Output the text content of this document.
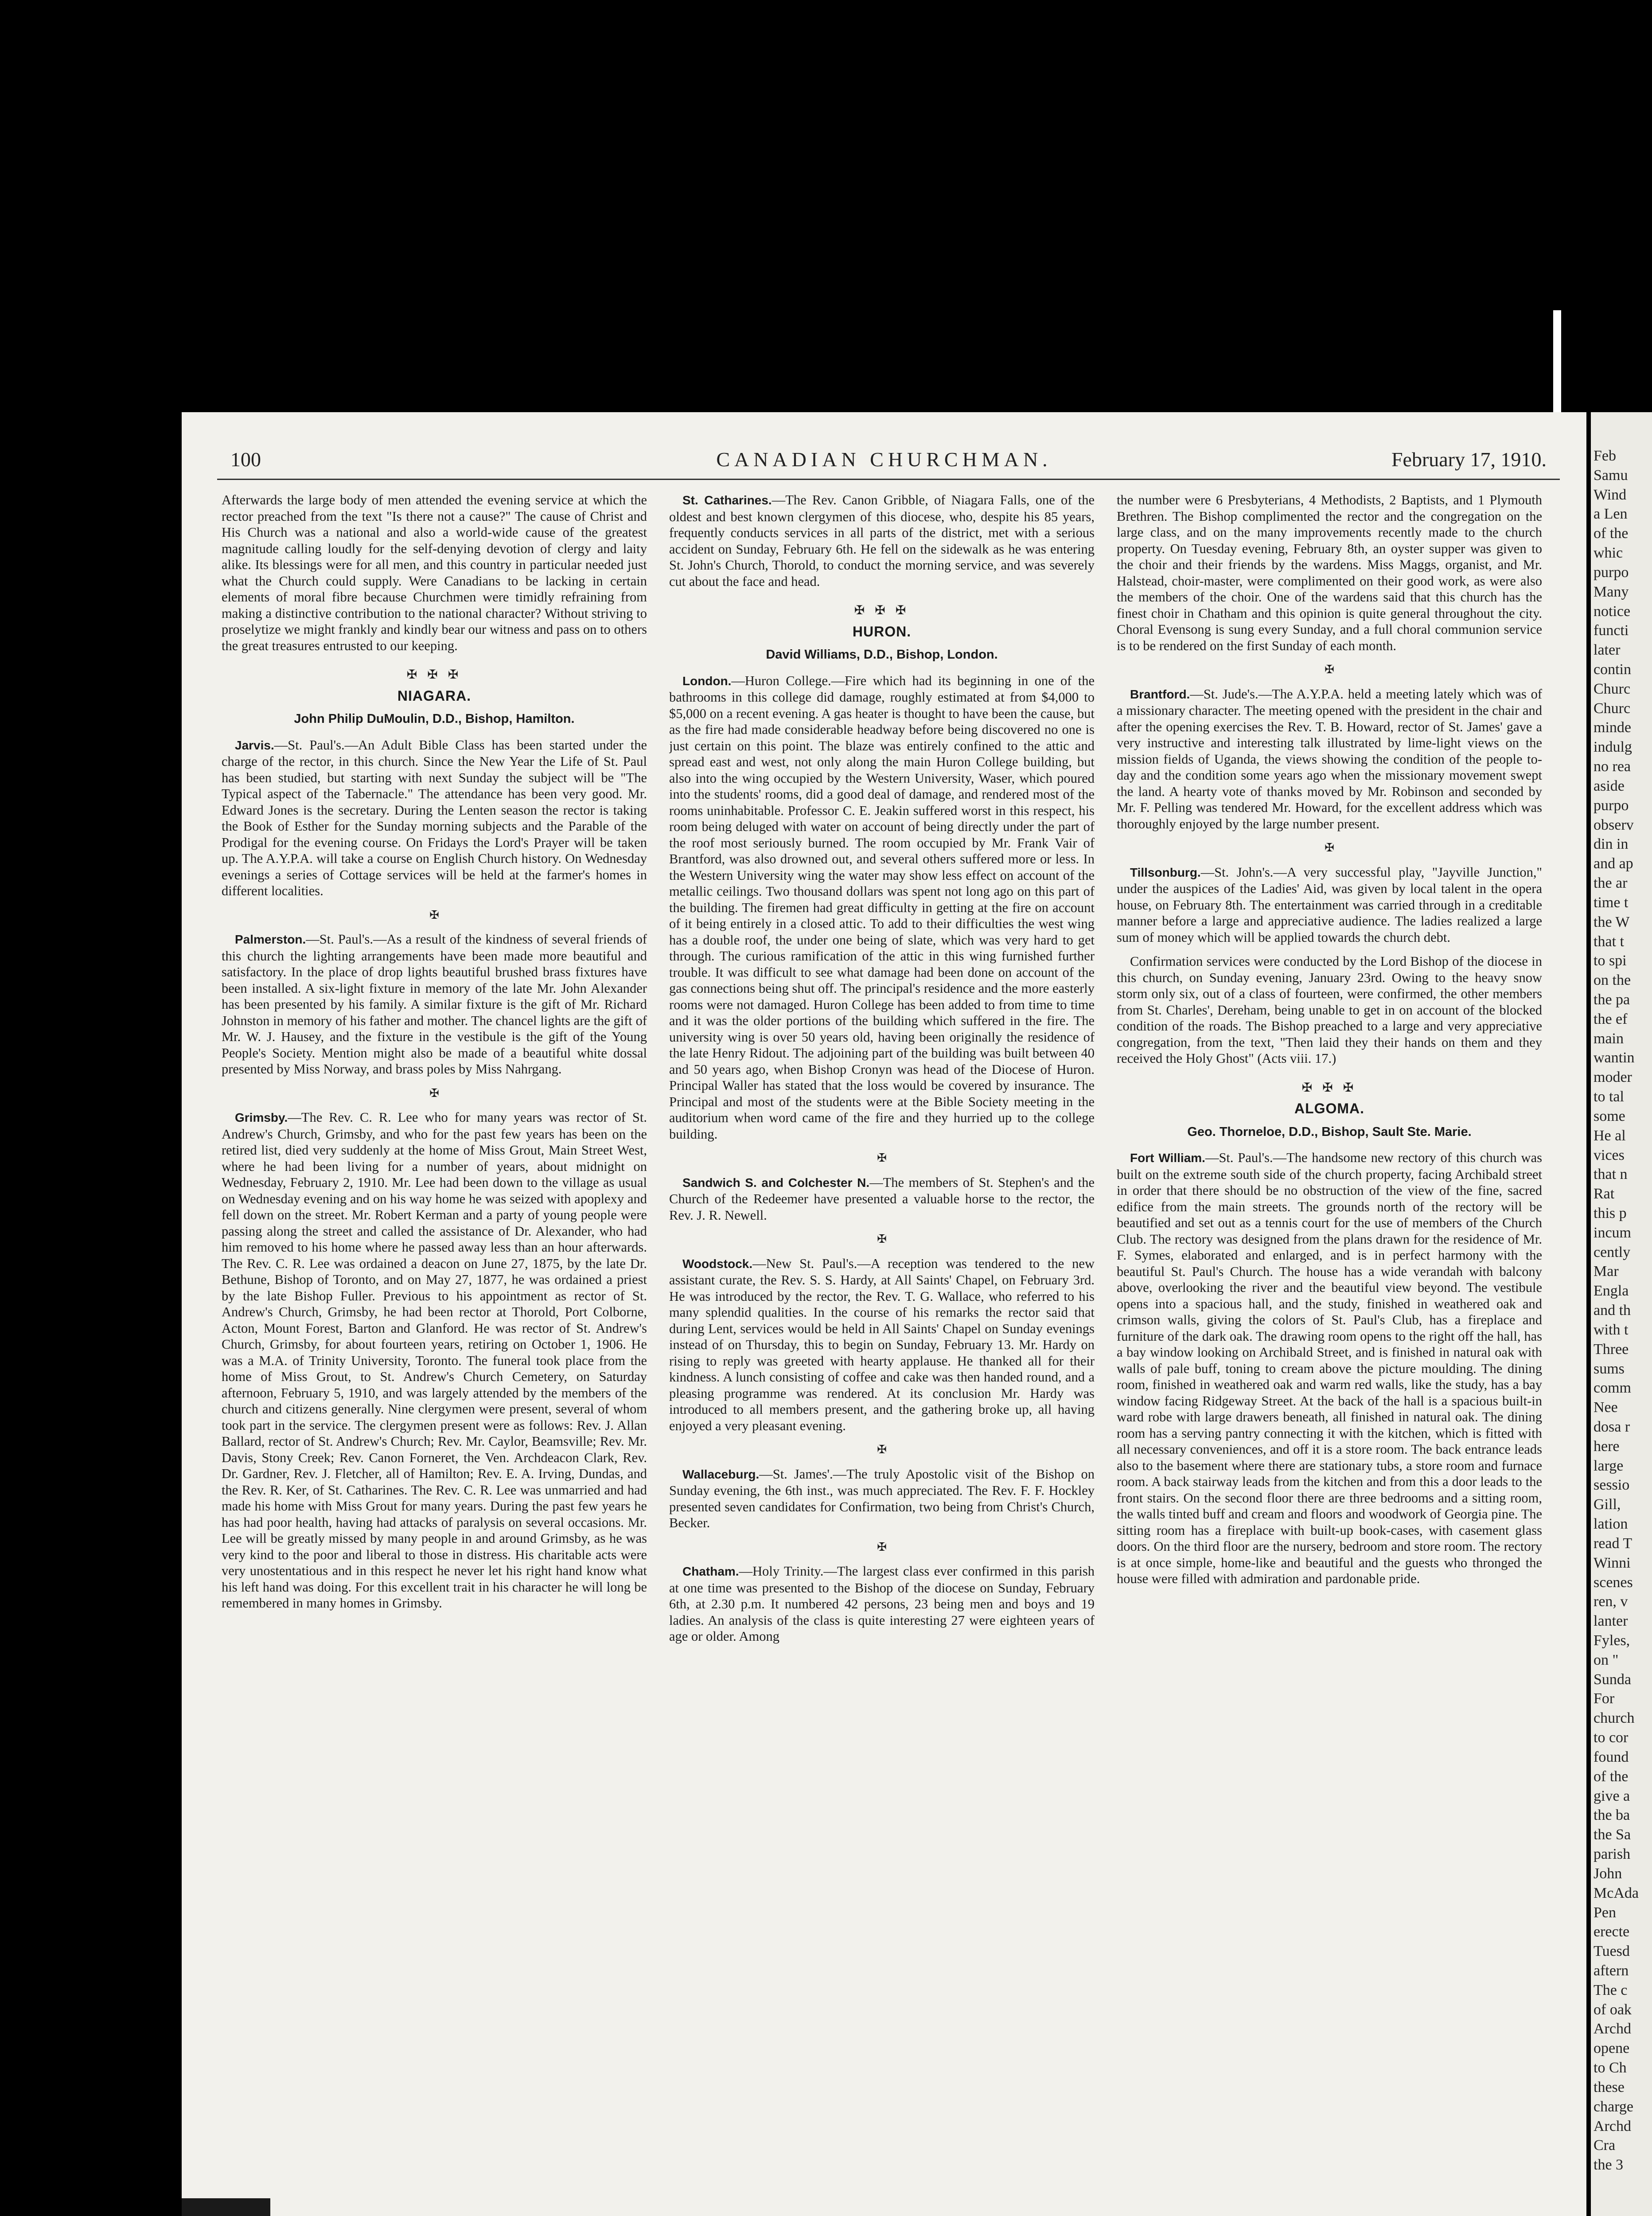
100	CANADIAN CHURCHMAN.	February 17, 1910.

Afterwards the large body of men attended the evening service at which the rector preached from the text "Is there not a cause?" The cause of Christ and His Church was a national and also a world-wide cause of the greatest magnitude calling loudly for the self-denying devotion of clergy and laity alike. Its blessings were for all men, and this country in particular needed just what the Church could supply. Were Canadians to be lacking in certain elements of moral fibre because Churchmen were timidly refraining from making a distinctive contribution to the national character? Without striving to proselytize we might frankly and kindly bear our witness and pass on to others the great treasures entrusted to our keeping.

✠ ✠ ✠
NIAGARA.
John Philip DuMoulin, D.D., Bishop, Hamilton.

Jarvis.—St. Paul's.—An Adult Bible Class has been started under the charge of the rector, in this church. Since the New Year the Life of St. Paul has been studied, but starting with next Sunday the subject will be "The Typical aspect of the Tabernacle." The attendance has been very good. Mr. Edward Jones is the secretary. During the Lenten season the rector is taking the Book of Esther for the Sunday morning subjects and the Parable of the Prodigal for the evening course. On Fridays the Lord's Prayer will be taken up. The A.Y.P.A. will take a course on English Church history. On Wednesday evenings a series of Cottage services will be held at the farmer's homes in different localities.

✠

Palmerston.—St. Paul's.—As a result of the kindness of several friends of this church the lighting arrangements have been made more beautiful and satisfactory. In the place of drop lights beautiful brushed brass fixtures have been installed. A six-light fixture in memory of the late Mr. John Alexander has been presented by his family. A similar fixture is the gift of Mr. Richard Johnston in memory of his father and mother. The chancel lights are the gift of Mr. W. J. Hausey, and the fixture in the vestibule is the gift of the Young People's Society. Mention might also be made of a beautiful white dossal presented by Miss Norway, and brass poles by Miss Nahrgang.

✠

Grimsby.—The Rev. C. R. Lee who for many years was rector of St. Andrew's Church, Grimsby, and who for the past few years has been on the retired list, died very suddenly at the home of Miss Grout, Main Street West, where he had been living for a number of years, about midnight on Wednesday, February 2, 1910. Mr. Lee had been down to the village as usual on Wednesday evening and on his way home he was seized with apoplexy and fell down on the street. Mr. Robert Kerman and a party of young people were passing along the street and called the assistance of Dr. Alexander, who had him removed to his home where he passed away less than an hour afterwards. The Rev. C. R. Lee was ordained a deacon on June 27, 1875, by the late Dr. Bethune, Bishop of Toronto, and on May 27, 1877, he was ordained a priest by the late Bishop Fuller. Previous to his appointment as rector of St. Andrew's Church, Grimsby, he had been rector at Thorold, Port Colborne, Acton, Mount Forest, Barton and Glanford. He was rector of St. Andrew's Church, Grimsby, for about fourteen years, retiring on October 1, 1906. He was a M.A. of Trinity University, Toronto. The funeral took place from the home of Miss Grout, to St. Andrew's Church Cemetery, on Saturday afternoon, February 5, 1910, and was largely attended by the members of the church and citizens generally. Nine clergymen were present, several of whom took part in the service. The clergymen present were as follows: Rev. J. Allan Ballard, rector of St. Andrew's Church; Rev. Mr. Caylor, Beamsville; Rev. Mr. Davis, Stony Creek; Rev. Canon Forneret, the Ven. Archdeacon Clark, Rev. Dr. Gardner, Rev. J. Fletcher, all of Hamilton; Rev. E. A. Irving, Dundas, and the Rev. R. Ker, of St. Catharines. The Rev. C. R. Lee was unmarried and had made his home with Miss Grout for many years. During the past few years he has had poor health, having had attacks of paralysis on several occasions. Mr. Lee will be greatly missed by many people in and around Grimsby, as he was very kind to the poor and liberal to those in distress. His charitable acts were very unostentatious and in this respect he never let his right hand know what his left hand was doing. For this excellent trait in his character he will long be remembered in many homes in Grimsby.

St. Catharines.—The Rev. Canon Gribble, of Niagara Falls, one of the oldest and best known clergymen of this diocese, who, despite his 85 years, frequently conducts services in all parts of the district, met with a serious accident on Sunday, February 6th. He fell on the sidewalk as he was entering St. John's Church, Thorold, to conduct the morning service, and was severely cut about the face and head.

✠ ✠ ✠
HURON.
David Williams, D.D., Bishop, London.

London.—Huron College.—Fire which had its beginning in one of the bathrooms in this college did damage, roughly estimated at from $4,000 to $5,000 on a recent evening. A gas heater is thought to have been the cause, but as the fire had made considerable headway before being discovered no one is just certain on this point. The blaze was entirely confined to the attic and spread east and west, not only along the main Huron College building, but also into the wing occupied by the Western University, Waser, which poured into the students' rooms, did a good deal of damage, and rendered most of the rooms uninhabitable. Professor C. E. Jeakin suffered worst in this respect, his room being deluged with water on account of being directly under the part of the roof most seriously burned. The room occupied by Mr. Frank Vair of Brantford, was also drowned out, and several others suffered more or less. In the Western University wing the water may show less effect on account of the metallic ceilings. Two thousand dollars was spent not long ago on this part of the building. The firemen had great difficulty in getting at the fire on account of it being entirely in a closed attic. To add to their difficulties the west wing has a double roof, the under one being of slate, which was very hard to get through. The curious ramification of the attic in this wing furnished further trouble. It was difficult to see what damage had been done on account of the gas connections being shut off. The principal's residence and the more easterly rooms were not damaged. Huron College has been added to from time to time and it was the older portions of the building which suffered in the fire. The university wing is over 50 years old, having been originally the residence of the late Henry Ridout. The adjoining part of the building was built between 40 and 50 years ago, when Bishop Cronyn was head of the Diocese of Huron. Principal Waller has stated that the loss would be covered by insurance. The Principal and most of the students were at the Bible Society meeting in the auditorium when word came of the fire and they hurried up to the college building.

✠

Sandwich S. and Colchester N.—The members of St. Stephen's and the Church of the Redeemer have presented a valuable horse to the rector, the Rev. J. R. Newell.

✠

Woodstock.—New St. Paul's.—A reception was tendered to the new assistant curate, the Rev. S. S. Hardy, at All Saints' Chapel, on February 3rd. He was introduced by the rector, the Rev. T. G. Wallace, who referred to his many splendid qualities. In the course of his remarks the rector said that during Lent, services would be held in All Saints' Chapel on Sunday evenings instead of on Thursday, this to begin on Sunday, February 13. Mr. Hardy on rising to reply was greeted with hearty applause. He thanked all for their kindness. A lunch consisting of coffee and cake was then handed round, and a pleasing programme was rendered. At its conclusion Mr. Hardy was introduced to all members present, and the gathering broke up, all having enjoyed a very pleasant evening.

✠

Wallaceburg.—St. James'.—The truly Apostolic visit of the Bishop on Sunday evening, the 6th inst., was much appreciated. The Rev. F. F. Hockley presented seven candidates for Confirmation, two being from Christ's Church, Becker.

✠

Chatham.—Holy Trinity.—The largest class ever confirmed in this parish at one time was presented to the Bishop of the diocese on Sunday, February 6th, at 2.30 p.m. It numbered 42 persons, 23 being men and boys and 19 ladies. An analysis of the class is quite interesting 27 were eighteen years of age or older. Among

the number were 6 Presbyterians, 4 Methodists, 2 Baptists, and 1 Plymouth Brethren. The Bishop complimented the rector and the congregation on the large class, and on the many improvements recently made to the church property. On Tuesday evening, February 8th, an oyster supper was given to the choir and their friends by the wardens. Miss Maggs, organist, and Mr. Halstead, choir-master, were complimented on their good work, as were also the members of the choir. One of the wardens said that this church has the finest choir in Chatham and this opinion is quite general throughout the city. Choral Evensong is sung every Sunday, and a full choral communion service is to be rendered on the first Sunday of each month.

✠

Brantford.—St. Jude's.—The A.Y.P.A. held a meeting lately which was of a missionary character. The meeting opened with the president in the chair and after the opening exercises the Rev. T. B. Howard, rector of St. James' gave a very instructive and interesting talk illustrated by lime-light views on the mission fields of Uganda, the views showing the condition of the people to-day and the condition some years ago when the missionary movement swept the land. A hearty vote of thanks moved by Mr. Robinson and seconded by Mr. F. Pelling was tendered Mr. Howard, for the excellent address which was thoroughly enjoyed by the large number present.

✠

Tillsonburg.—St. John's.—A very successful play, "Jayville Junction," under the auspices of the Ladies' Aid, was given by local talent in the opera house, on February 8th. The entertainment was carried through in a creditable manner before a large and appreciative audience. The ladies realized a large sum of money which will be applied towards the church debt.

Confirmation services were conducted by the Lord Bishop of the diocese in this church, on Sunday evening, January 23rd. Owing to the heavy snow storm only six, out of a class of fourteen, were confirmed, the other members from St. Charles', Dereham, being unable to get in on account of the blocked condition of the roads. The Bishop preached to a large and very appreciative congregation, from the text, "Then laid they their hands on them and they received the Holy Ghost" (Acts viii. 17.)

✠ ✠ ✠
ALGOMA.
Geo. Thorneloe, D.D., Bishop, Sault Ste. Marie.

Fort William.—St. Paul's.—The handsome new rectory of this church was built on the extreme south side of the church property, facing Archibald street in order that there should be no obstruction of the view of the fine, sacred edifice from the main streets. The grounds north of the rectory will be beautified and set out as a tennis court for the use of members of the Church Club. The rectory was designed from the plans drawn for the residence of Mr. F. Symes, elaborated and enlarged, and is in perfect harmony with the beautiful St. Paul's Church. The house has a wide verandah with balcony above, overlooking the river and the beautiful view beyond. The vestibule opens into a spacious hall, and the study, finished in weathered oak and crimson walls, giving the colors of St. Paul's Club, has a fireplace and furniture of the dark oak. The drawing room opens to the right off the hall, has a bay window looking on Archibald Street, and is finished in natural oak with walls of pale buff, toning to cream above the picture moulding. The dining room, finished in weathered oak and warm red walls, like the study, has a bay window facing Ridgeway Street. At the back of the hall is a spacious built-in ward robe with large drawers beneath, all finished in natural oak. The dining room has a serving pantry connecting it with the kitchen, which is fitted with all necessary conveniences, and off it is a store room. The back entrance leads also to the basement where there are stationary tubs, a store room and furnace room. A back stairway leads from the kitchen and from this a door leads to the front stairs. On the second floor there are three bedrooms and a sitting room, the walls tinted buff and cream and floors and woodwork of Georgia pine. The sitting room has a fireplace with built-up book-cases, with casement glass doors. On the third floor are the nursery, bedroom and store room. The rectory is at once simple, home-like and beautiful and the guests who thronged the house were filled with admiration and pardonable pride.

Feb
Samu
Wind
a Len
of the
whic
purpo
Many
notice
functi
later
contin
Churc
Churc
minde
indulg
no rea
aside
purpo
observ
din in
and ap
the ar
time t
the W
that t
to spi
on the
the pa
the ef
main
wantin
moder
to tal
some
He al
vices
that n
Rat
this p
incum
cently
Mar
Engla
and th
with t
Three
sums
comm
Nee
dosa r
here
large
sessio
Gill,
lation
read T
Winni
scenes
ren, v
lanter
Fyles,
on "
Sunda
For
church
to cor
found
of the
give a
the ba
the Sa
parish
John
McAda
Pen
erecte
Tuesd
aftern
The c
of oak
Archd
opene
to Ch
these
charge
Archd
Cra
the 3
